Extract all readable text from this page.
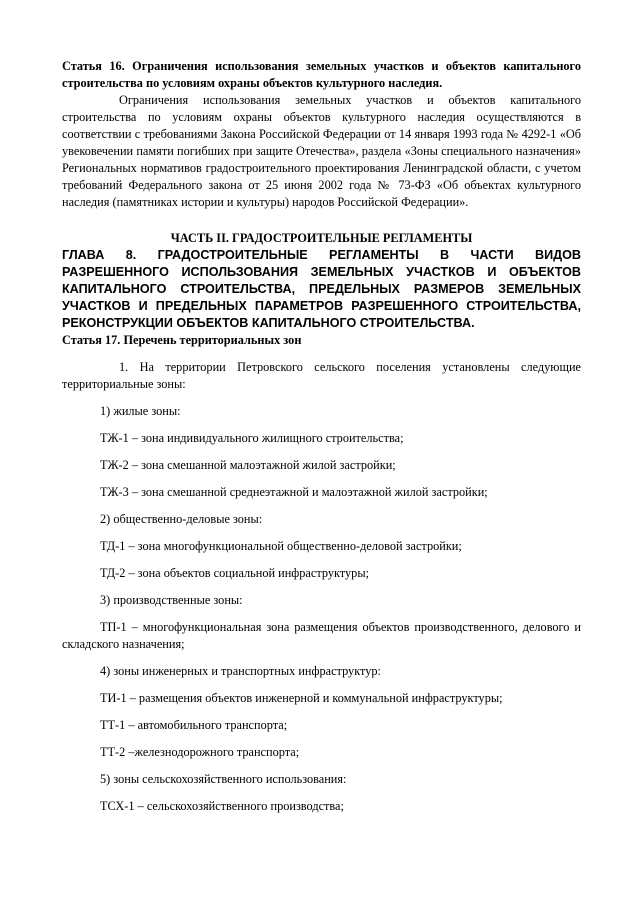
Статья 16. Ограничения использования земельных участков и объектов капитального строительства по условиям охраны объектов культурного наследия.

Ограничения использования земельных участков и объектов капитального строительства по условиям охраны объектов культурного наследия осуществляются в соответствии с требованиями Закона Российской Федерации от 14 января 1993 года № 4292-1 «Об увековечении памяти погибших при защите Отечества», раздела «Зоны специального назначения» Региональных нормативов градостроительного проектирования Ленинградской области, с учетом требований Федерального закона от 25 июня 2002 года № 73-ФЗ «Об объектах культурного наследия (памятниках истории и культуры) народов Российской Федерации».

ЧАСТЬ II. ГРАДОСТРОИТЕЛЬНЫЕ РЕГЛАМЕНТЫ

ГЛАВА 8. ГРАДОСТРОИТЕЛЬНЫЕ РЕГЛАМЕНТЫ В ЧАСТИ ВИДОВ РАЗРЕШЕННОГО ИСПОЛЬЗОВАНИЯ ЗЕМЕЛЬНЫХ УЧАСТКОВ И ОБЪЕКТОВ КАПИТАЛЬНОГО СТРОИТЕЛЬСТВА, ПРЕДЕЛЬНЫХ РАЗМЕРОВ ЗЕМЕЛЬНЫХ УЧАСТКОВ И ПРЕДЕЛЬНЫХ ПАРАМЕТРОВ РАЗРЕШЕННОГО СТРОИТЕЛЬСТВА, РЕКОНСТРУКЦИИ ОБЪЕКТОВ КАПИТАЛЬНОГО СТРОИТЕЛЬСТВА.

Статья 17. Перечень территориальных зон

1. На территории Петровского сельского поселения установлены следующие территориальные зоны:

1) жилые зоны:

ТЖ-1 – зона индивидуального жилищного строительства;

ТЖ-2 – зона смешанной малоэтажной жилой застройки;

ТЖ-3 – зона смешанной среднеэтажной и малоэтажной жилой застройки;

2) общественно-деловые зоны:

ТД-1 – зона многофункциональной общественно-деловой застройки;

ТД-2 – зона объектов социальной инфраструктуры;

3) производственные зоны:

ТП-1 – многофункциональная зона размещения объектов производственного, делового и складского назначения;

4) зоны инженерных и транспортных инфраструктур:

ТИ-1 – размещения объектов инженерной и коммунальной инфраструктуры;

ТТ-1 – автомобильного транспорта;

ТТ-2 –железнодорожного транспорта;

5) зоны сельскохозяйственного использования:

ТСХ-1 – сельскохозяйственного производства;
